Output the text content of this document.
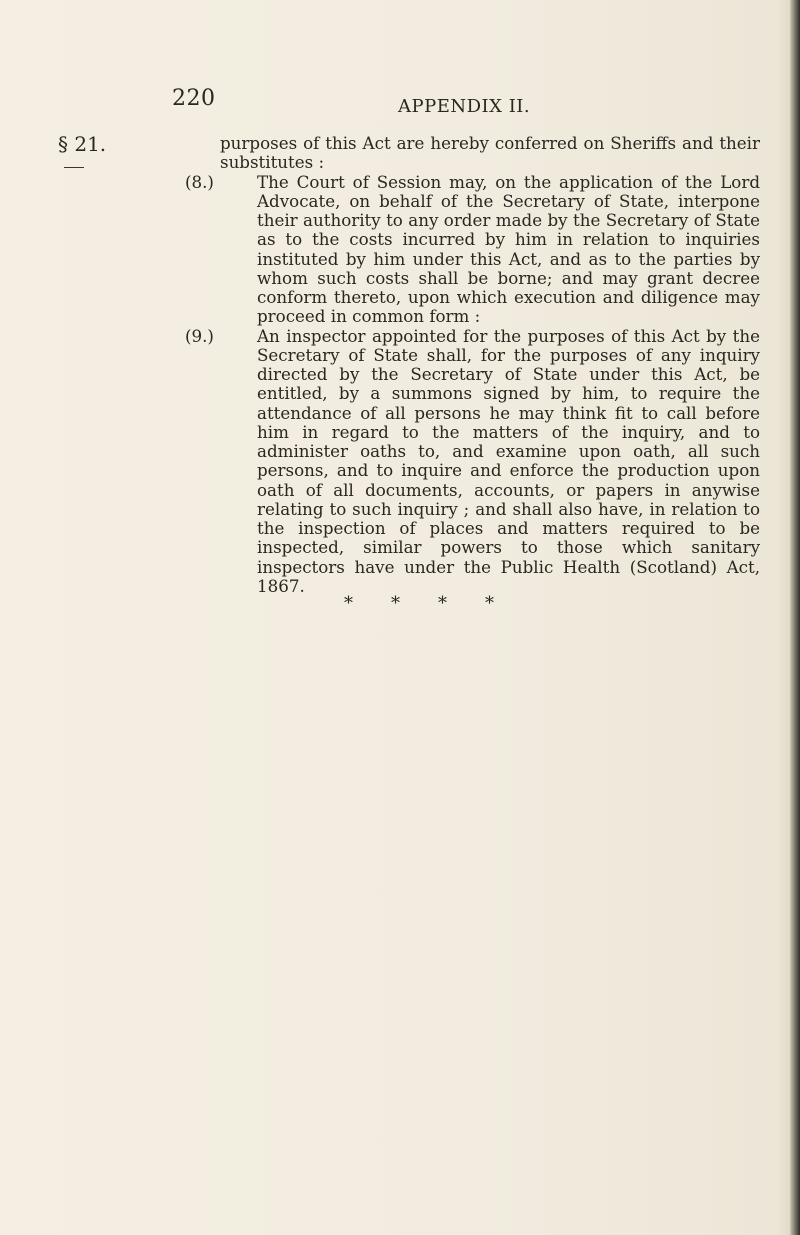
220	APPENDIX II.

§ 21.	purposes of this Act are hereby conferred on Sheriffs and their substitutes :

(8.)	The Court of Session may, on the application of the Lord Advocate, on behalf of the Secretary of State, interpone their authority to any order made by the Secretary of State as to the costs incurred by him in relation to inquiries instituted by him under this Act, and as to the parties by whom such costs shall be borne; and may grant decree conform thereto, upon which execution and diligence may proceed in common form :

(9.)	An inspector appointed for the purposes of this Act by the Secretary of State shall, for the purposes of any inquiry directed by the Secretary of State under this Act, be entitled, by a summons signed by him, to require the attendance of all persons he may think fit to call before him in regard to the matters of the inquiry, and to administer oaths to, and examine upon oath, all such persons, and to inquire and enforce the production upon oath of all documents, accounts, or papers in anywise relating to such inquiry ; and shall also have, in relation to the inspection of places and matters required to be inspected, similar powers to those which sanitary inspectors have under the Public Health (Scotland) Act, 1867.

* * * *
